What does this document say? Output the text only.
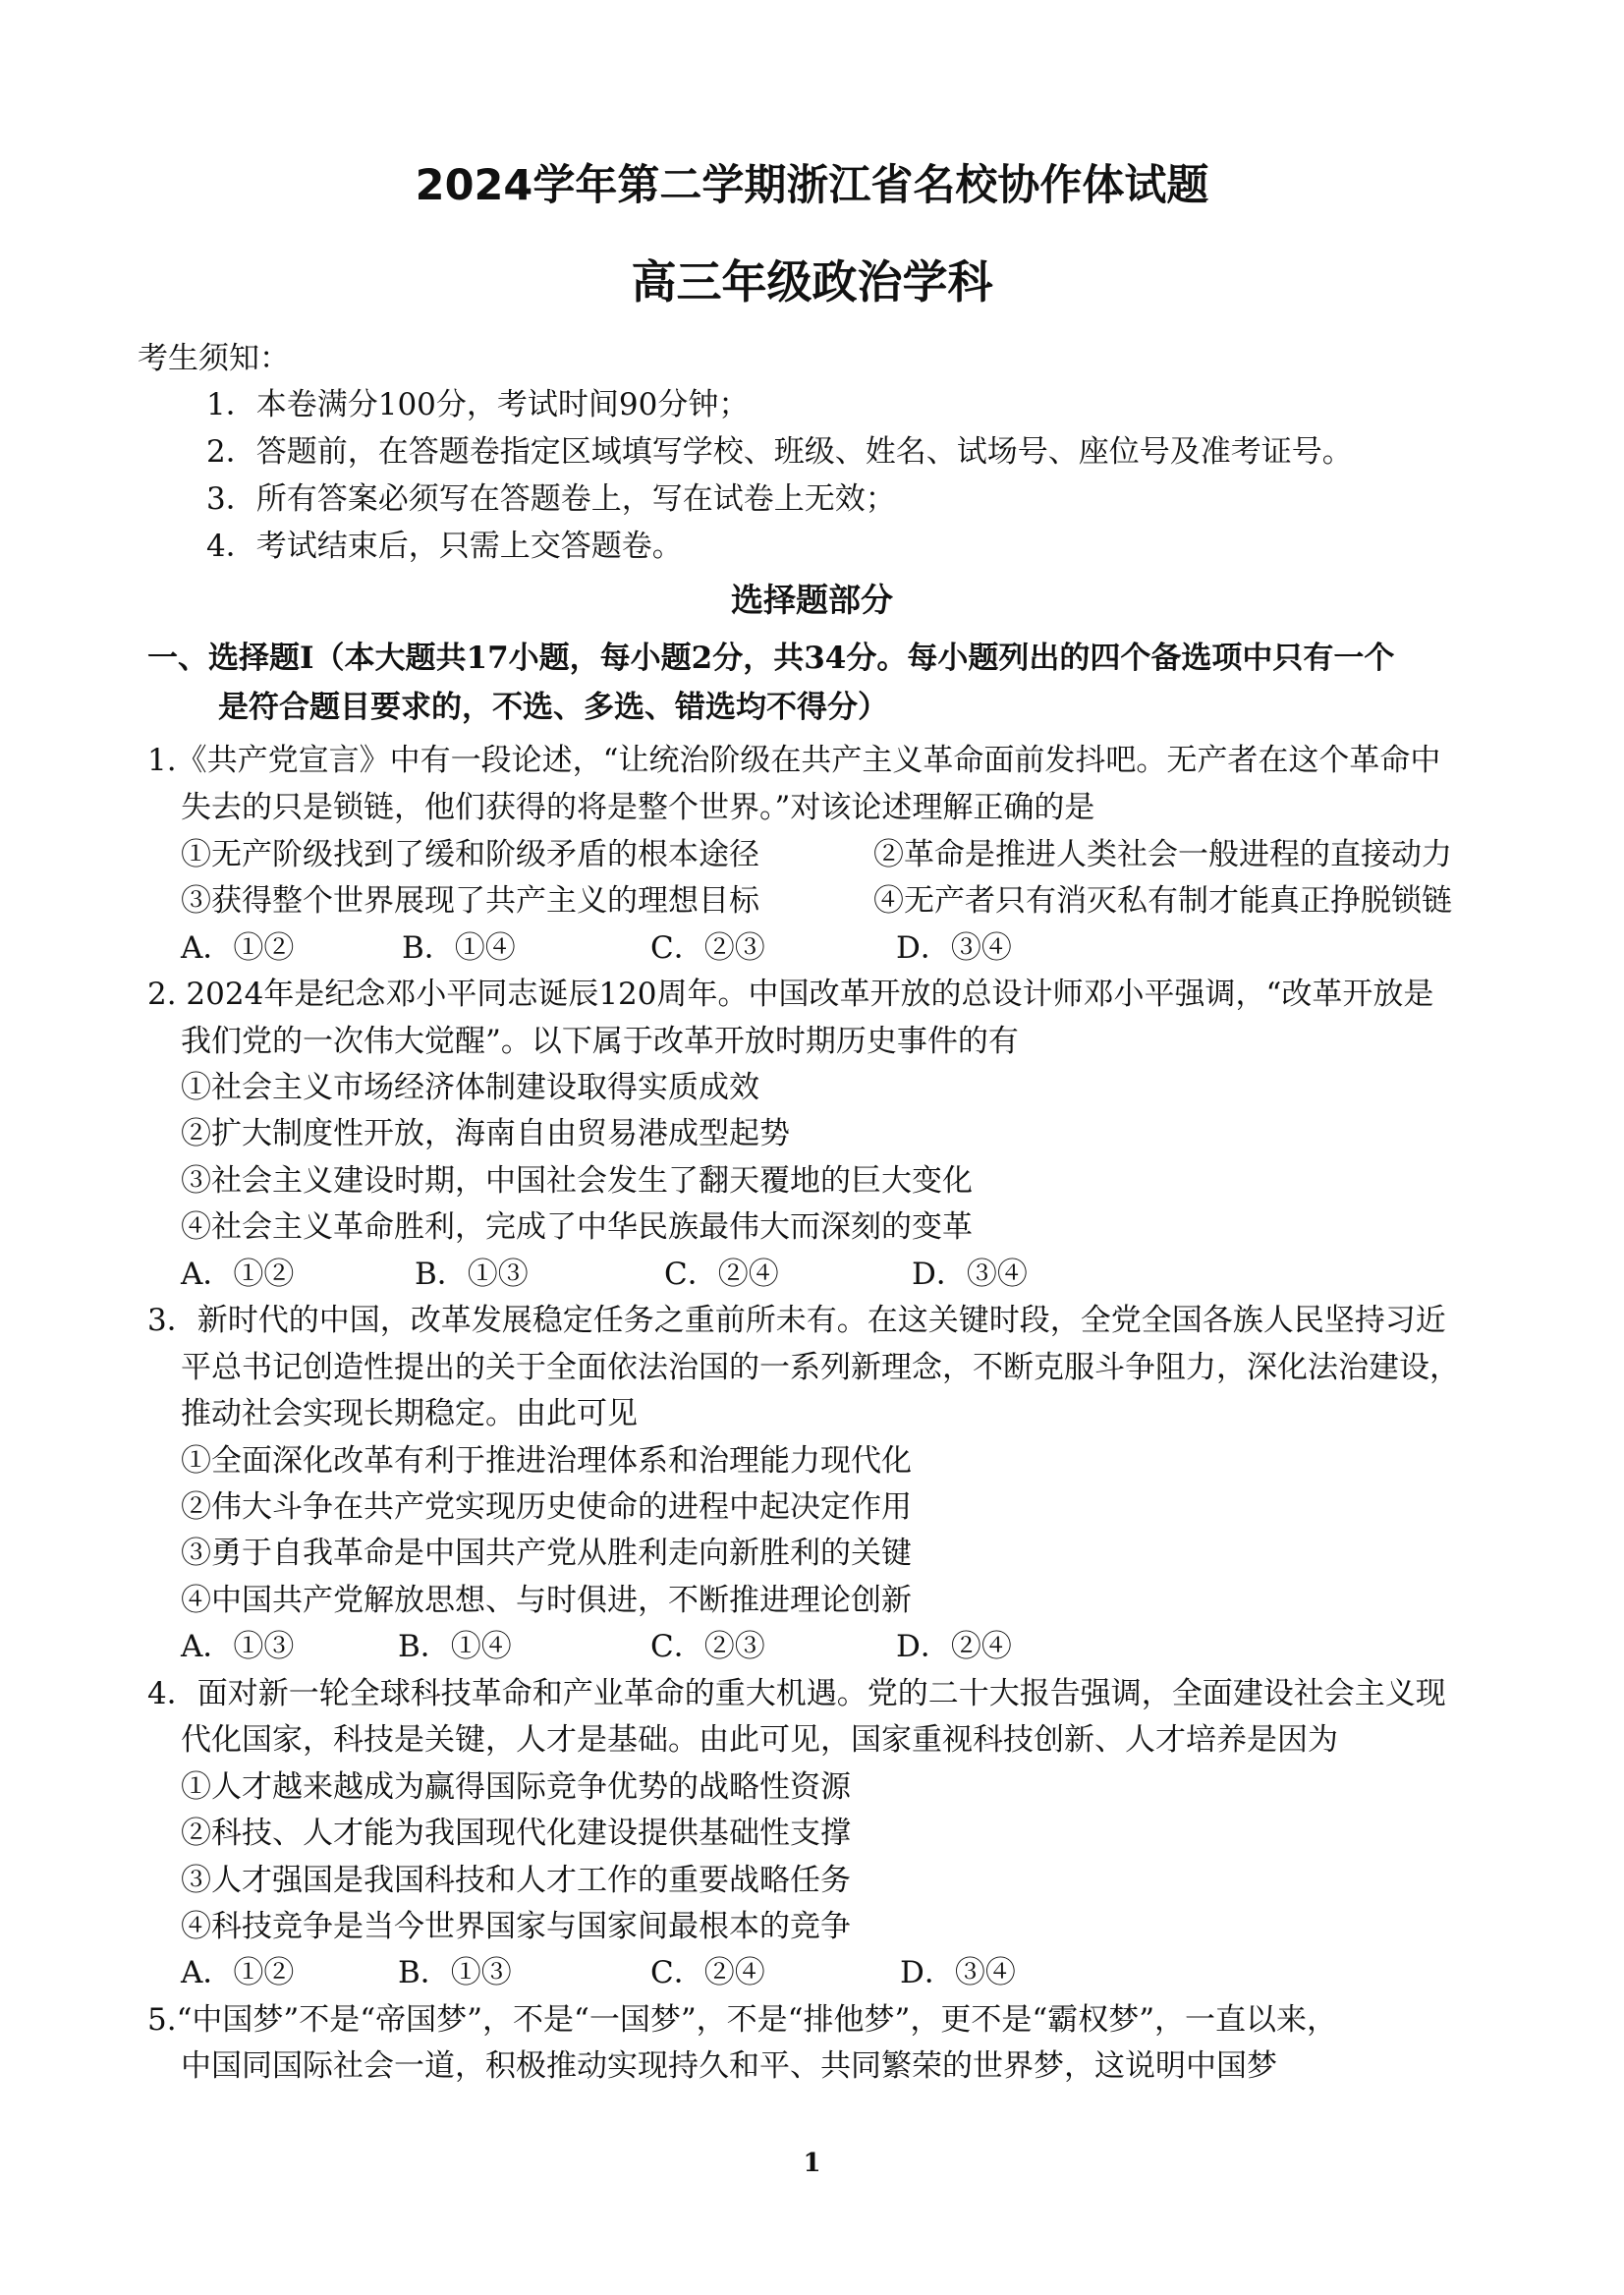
2024学年第二学期浙江省名校协作体试题
高三年级政治学科
考生须知：
1．本卷满分100分，考试时间90分钟；
2．答题前，在答题卷指定区域填写学校、班级、姓名、试场号、座位号及准考证号。
3．所有答案必须写在答题卷上，写在试卷上无效；
4．考试结束后，只需上交答题卷。
选择题部分
一、选择题Ⅰ（本大题共17小题，每小题2分，共34分。每小题列出的四个备选项中只有一个
是符合题目要求的，不选、多选、错选均不得分）
1.《共产党宣言》中有一段论述，“让统治阶级在共产主义革命面前发抖吧。无产者在这个革命中
失去的只是锁链，他们获得的将是整个世界。”对该论述理解正确的是
①无产阶级找到了缓和阶级矛盾的根本途径	②革命是推进人类社会一般进程的直接动力
③获得整个世界展现了共产主义的理想目标	④无产者只有消灭私有制才能真正挣脱锁链
A．①②	B．①④	C．②③	D．③④
2. 2024年是纪念邓小平同志诞辰120周年。中国改革开放的总设计师邓小平强调，“改革开放是
我们党的一次伟大觉醒”。以下属于改革开放时期历史事件的有
①社会主义市场经济体制建设取得实质成效
②扩大制度性开放，海南自由贸易港成型起势
③社会主义建设时期，中国社会发生了翻天覆地的巨大变化
④社会主义革命胜利，完成了中华民族最伟大而深刻的变革
A．①②	B．①③	C．②④	D．③④
3．新时代的中国，改革发展稳定任务之重前所未有。在这关键时段，全党全国各族人民坚持习近
平总书记创造性提出的关于全面依法治国的一系列新理念，不断克服斗争阻力，深化法治建设，
推动社会实现长期稳定。由此可见
①全面深化改革有利于推进治理体系和治理能力现代化
②伟大斗争在共产党实现历史使命的进程中起决定作用
③勇于自我革命是中国共产党从胜利走向新胜利的关键
④中国共产党解放思想、与时俱进，不断推进理论创新
A．①③	B．①④	C．②③	D．②④
4．面对新一轮全球科技革命和产业革命的重大机遇。党的二十大报告强调，全面建设社会主义现
代化国家，科技是关键，人才是基础。由此可见，国家重视科技创新、人才培养是因为
①人才越来越成为赢得国际竞争优势的战略性资源
②科技、人才能为我国现代化建设提供基础性支撑
③人才强国是我国科技和人才工作的重要战略任务
④科技竞争是当今世界国家与国家间最根本的竞争
A．①②	B．①③	C．②④	D．③④
5.“中国梦”不是“帝国梦”，不是“一国梦”，不是“排他梦”，更不是“霸权梦”，一直以来，
中国同国际社会一道，积极推动实现持久和平、共同繁荣的世界梦，这说明中国梦
1
